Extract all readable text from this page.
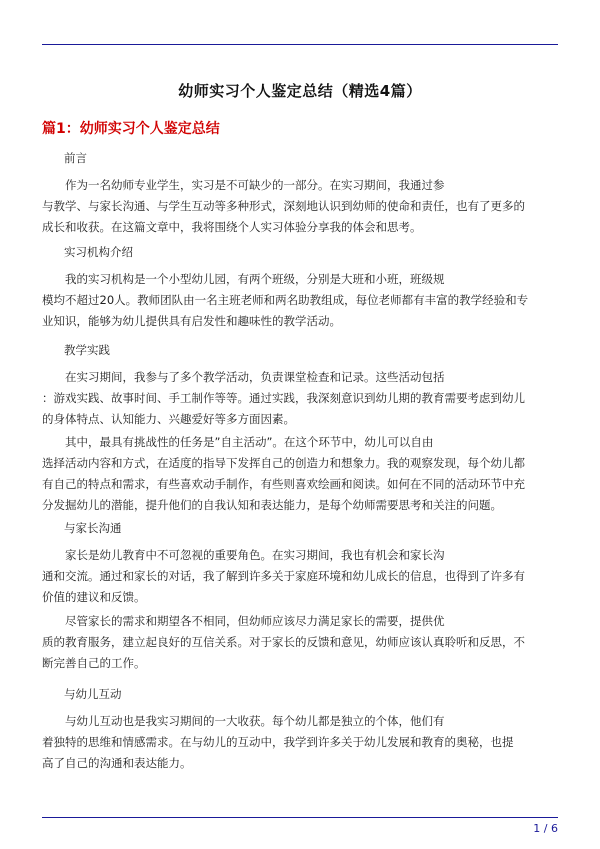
幼师实习个人鉴定总结（精选4篇）
篇1：幼师实习个人鉴定总结
前言
作为一名幼师专业学生，实习是不可缺少的一部分。在实习期间，我通过参
与教学、与家长沟通、与学生互动等多种形式，深刻地认识到幼师的使命和责任，也有了更多的
成长和收获。在这篇文章中，我将围绕个人实习体验分享我的体会和思考。
实习机构介绍
我的实习机构是一个小型幼儿园，有两个班级，分别是大班和小班，班级规
模均不超过20人。教师团队由一名主班老师和两名助教组成，每位老师都有丰富的教学经验和专
业知识，能够为幼儿提供具有启发性和趣味性的教学活动。
教学实践
在实习期间，我参与了多个教学活动，负责课堂检查和记录。这些活动包括
：游戏实践、故事时间、手工制作等等。通过实践，我深刻意识到幼儿期的教育需要考虑到幼儿
的身体特点、认知能力、兴趣爱好等多方面因素。
其中，最具有挑战性的任务是”自主活动”。在这个环节中，幼儿可以自由
选择活动内容和方式，在适度的指导下发挥自己的创造力和想象力。我的观察发现，每个幼儿都
有自己的特点和需求，有些喜欢动手制作，有些则喜欢绘画和阅读。如何在不同的活动环节中充
分发掘幼儿的潜能，提升他们的自我认知和表达能力，是每个幼师需要思考和关注的问题。
与家长沟通
家长是幼儿教育中不可忽视的重要角色。在实习期间，我也有机会和家长沟
通和交流。通过和家长的对话，我了解到许多关于家庭环境和幼儿成长的信息，也得到了许多有
价值的建议和反馈。
尽管家长的需求和期望各不相同，但幼师应该尽力满足家长的需要，提供优
质的教育服务，建立起良好的互信关系。对于家长的反馈和意见，幼师应该认真聆听和反思，不
断完善自己的工作。
与幼儿互动
与幼儿互动也是我实习期间的一大收获。每个幼儿都是独立的个体，他们有
着独特的思维和情感需求。在与幼儿的互动中，我学到许多关于幼儿发展和教育的奥秘，也提
高了自己的沟通和表达能力。
1 / 6
